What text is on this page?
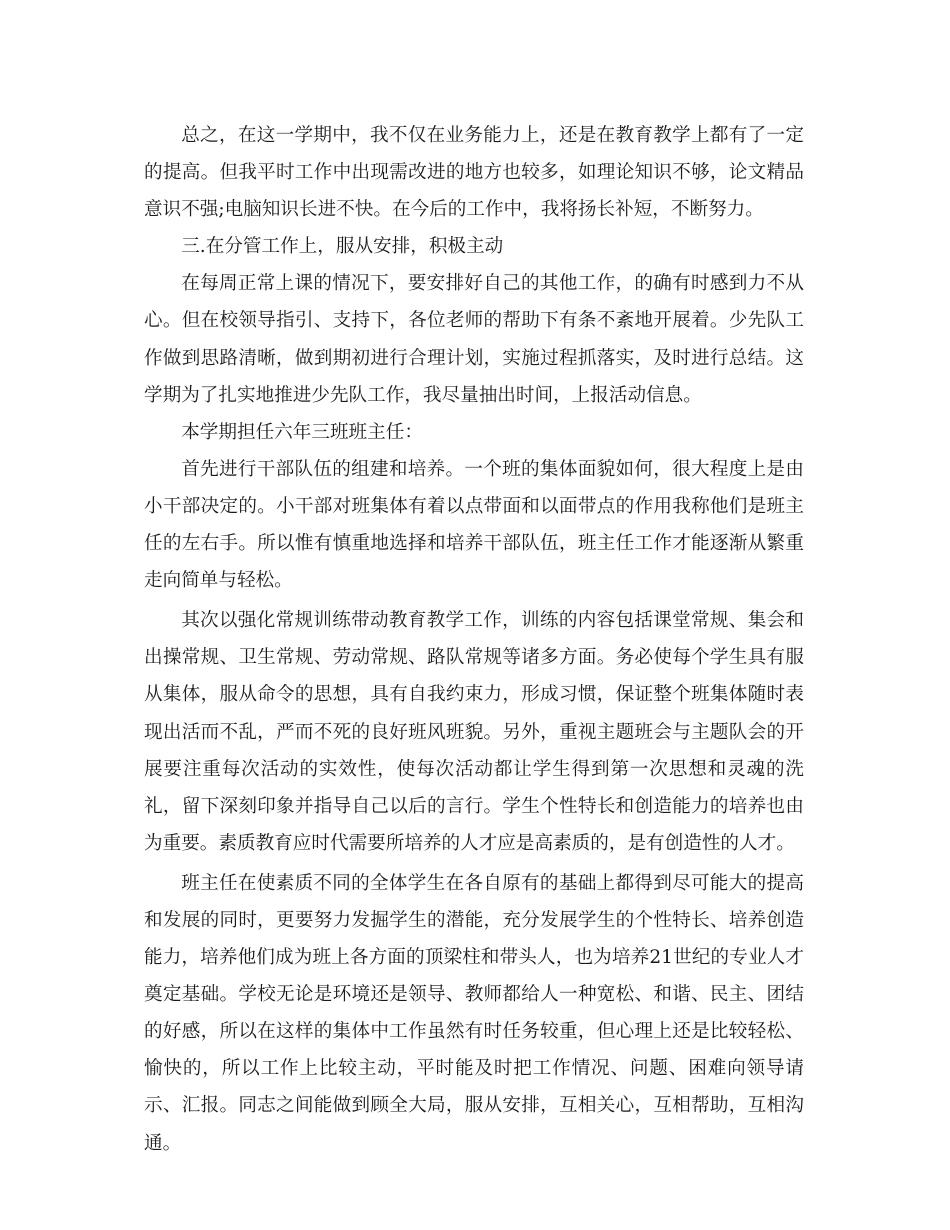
总之，在这一学期中，我不仅在业务能力上，还是在教育教学上都有了一定的提高。但我平时工作中出现需改进的地方也较多，如理论知识不够，论文精品意识不强;电脑知识长进不快。在今后的工作中，我将扬长补短，不断努力。

三.在分管工作上，服从安排，积极主动

在每周正常上课的情况下，要安排好自己的其他工作，的确有时感到力不从心。但在校领导指引、支持下，各位老师的帮助下有条不紊地开展着。少先队工作做到思路清晰，做到期初进行合理计划，实施过程抓落实，及时进行总结。这学期为了扎实地推进少先队工作，我尽量抽出时间，上报活动信息。

本学期担任六年三班班主任：

首先进行干部队伍的组建和培养。一个班的集体面貌如何，很大程度上是由小干部决定的。小干部对班集体有着以点带面和以面带点的作用我称他们是班主任的左右手。所以惟有慎重地选择和培养干部队伍，班主任工作才能逐渐从繁重走向简单与轻松。

其次以强化常规训练带动教育教学工作，训练的内容包括课堂常规、集会和出操常规、卫生常规、劳动常规、路队常规等诸多方面。务必使每个学生具有服从集体，服从命令的思想，具有自我约束力，形成习惯，保证整个班集体随时表现出活而不乱，严而不死的良好班风班貌。另外，重视主题班会与主题队会的开展要注重每次活动的实效性，使每次活动都让学生得到第一次思想和灵魂的洗礼，留下深刻印象并指导自己以后的言行。学生个性特长和创造能力的培养也由为重要。素质教育应时代需要所培养的人才应是高素质的，是有创造性的人才。

班主任在使素质不同的全体学生在各自原有的基础上都得到尽可能大的提高和发展的同时，更要努力发掘学生的潜能，充分发展学生的个性特长、培养创造能力，培养他们成为班上各方面的顶梁柱和带头人，也为培养21世纪的专业人才奠定基础。学校无论是环境还是领导、教师都给人一种宽松、和谐、民主、团结的好感，所以在这样的集体中工作虽然有时任务较重，但心理上还是比较轻松、愉快的，所以工作上比较主动，平时能及时把工作情况、问题、困难向领导请示、汇报。同志之间能做到顾全大局，服从安排，互相关心，互相帮助，互相沟通。
